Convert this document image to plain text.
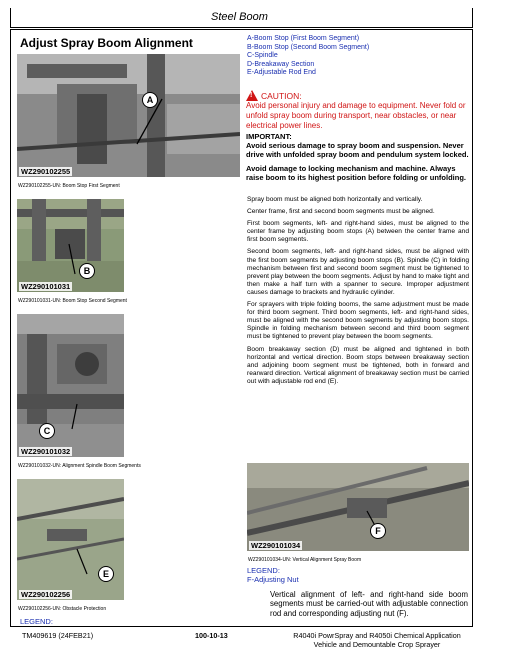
Steel Boom
Adjust Spray Boom Alignment	A-Boom Stop (First Boom Segment)
B-Boom Stop (Second Boom Segment)
C-Spindle
D-Breakaway Section
E-Adjustable Rod End
A
WZ290102255
WZ290102255-UN: Boom Stop First Segment
B
WZ290101031
WZ290101031-UN: Boom Stop Second Segment
C
WZ290101032
WZ290101032-UN: Alignment Spindle Boom Segments
E
WZ290102256
WZ290102256-UN: Obstacle Protection
LEGEND:
! CAUTION:
Avoid personal injury and damage to equipment. Never fold or unfold spray boom during transport, near obstacles, or near electrical power lines.
IMPORTANT:
Avoid serious damage to spray boom and suspension. Never drive with unfolded spray boom and pendulum system locked.
Avoid damage to locking mechanism and machine. Always raise boom to its highest position before folding or unfolding.

Spray boom must be aligned both horizontally and vertically.

Center frame, first and second boom segments must be aligned.

First boom segments, left- and right-hand sides, must be aligned to the center frame by adjusting boom stops (A) between the center frame and first boom segments.

Second boom segments, left- and right-hand sides, must be aligned with the first boom segments by adjusting boom stops (B). Spindle (C) in folding mechanism between first and second boom segment must be tightened to prevent play between the boom segments. Adjust by hand to make tight and then make a half turn with a spanner to secure. Improper adjustment causes damage to brackets and hydraulic cylinder.

For sprayers with triple folding booms, the same adjustment must be made for third boom segment. Third boom segments, left- and right-hand sides, must be aligned with the second boom segments by adjusting boom stops. Spindle in folding mechanism between second and third boom segment must be tightened to prevent play between the boom segments.

Boom breakaway section (D) must be aligned and tightened in both horizontal and vertical direction. Boom stops between breakaway section and adjoining boom segment must be tightened, both in forward and rearward direction. Vertical alignment of breakaway section must be carried out with adjustable rod end (E).

F
WZ290101034
WZ290101034-UN: Vertical Alignment Spray Boom
LEGEND:
F-Adjusting Nut
Vertical alignment of left- and right-hand side boom segments must be carried-out with adjustable connection rod and corresponding adjusting nut (F).
TM409619 (24FEB21)	100-10-13	R4040i PowrSpray and R4050i Chemical Application
Vehicle and Demountable Crop Sprayer
